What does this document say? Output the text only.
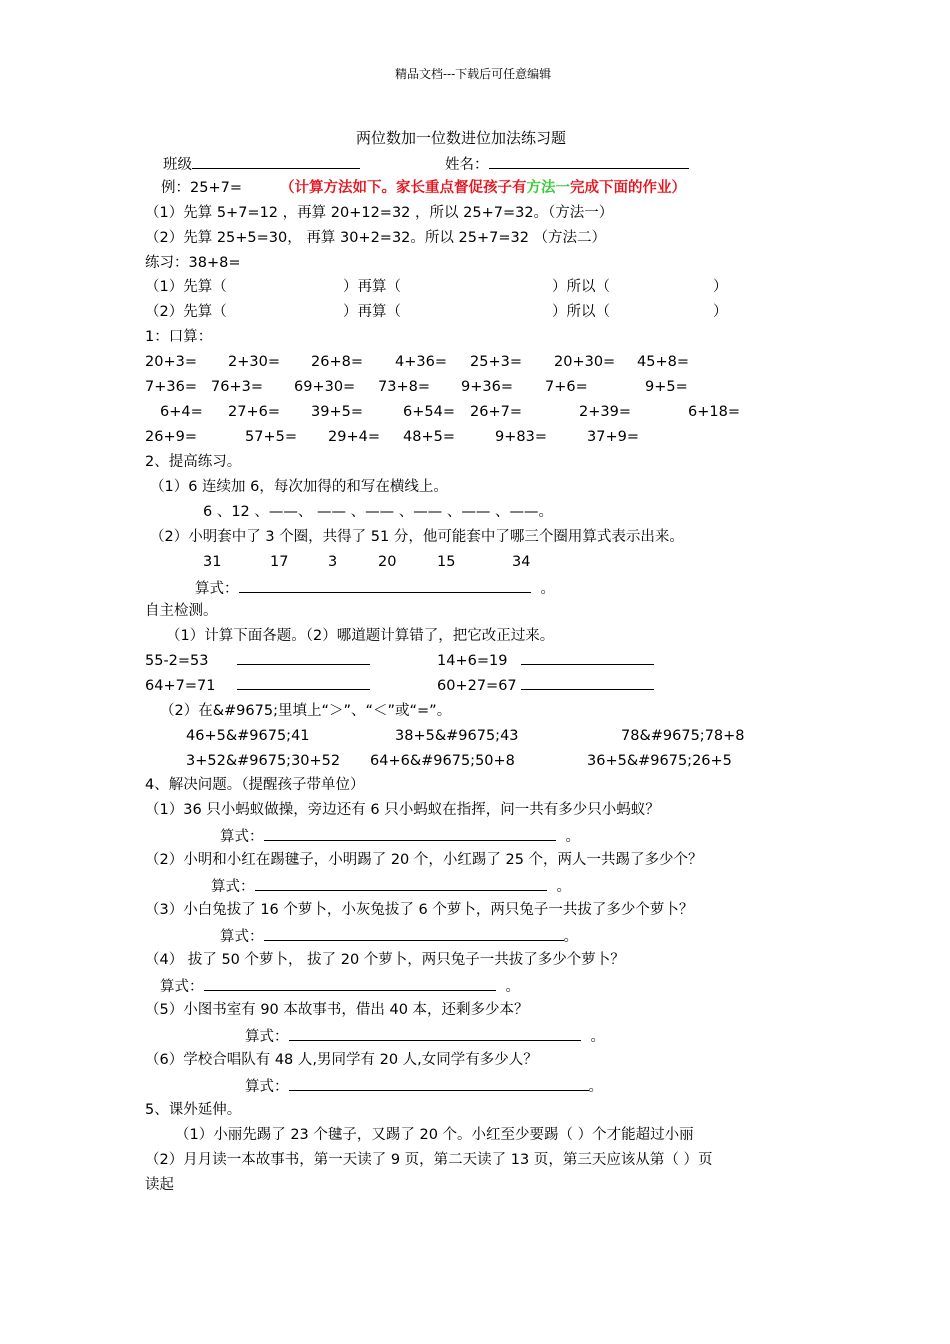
精品文档---下载后可任意编辑
两位数加一位数进位加法练习题
班级	姓名：
例：25+7=	（计算方法如下。家长重点督促孩子有方法一完成下面的作业）
（1）先算 5+7=12 ，再算 20+12=32 ，所以 25+7=32。（方法一）
（2）先算 25+5=30， 再算 30+2=32。所以 25+7=32 （方法二）
练习：38+8=
（1）先算（	）再算（	）所以（	）
（2）先算（	）再算（	）所以（	）
1：口算：
20+3= 2+30= 26+8= 4+36= 25+3= 20+30= 45+8=
7+36= 76+3= 69+30= 73+8= 9+36= 7+6=	9+5=
6+4= 27+6= 39+5=	6+54= 26+7=	2+39=	6+18=
26+9=	57+5= 29+4= 48+5=	9+83=	37+9=
2、提高练习。
（1）6 连续加 6，每次加得的和写在横线上。
6 、12 、——、 —— 、—— 、—— 、—— 、——。
（2）小明套中了 3 个圈，共得了 51 分，他可能套中了哪三个圈用算式表示出来。
31	17	3	20	15	34
算式：	。
自主检测。
（1）计算下面各题。（2）哪道题计算错了，把它改正过来。
55-2=53	14+6=19
64+7=71	60+27=67
（2）在&#9675;里填上“＞”、“＜”或“=”。
46+5&#9675;41	38+5&#9675;43	78&#9675;78+8
3+52&#9675;30+52 64+6&#9675;50+8	36+5&#9675;26+5
4、解决问题。（提醒孩子带单位）
（1）36 只小蚂蚁做操，旁边还有 6 只小蚂蚁在指挥，问一共有多少只小蚂蚁？
算式：	。
（2）小明和小红在踢毽子，小明踢了 20 个，小红踢了 25 个，两人一共踢了多少个？
算式：	。
（3）小白兔拔了 16 个萝卜，小灰兔拔了 6 个萝卜，两只兔子一共拔了多少个萝卜？
算式：	。
（4） 拔了 50 个萝卜， 拔了 20 个萝卜，两只兔子一共拔了多少个萝卜？
算式：	。
（5）小图书室有 90 本故事书，借出 40 本，还剩多少本？
算式：	。
（6）学校合唱队有 48 人,男同学有 20 人,女同学有多少人？
算式：	。
5、课外延伸。
（1）小丽先踢了 23 个毽子，又踢了 20 个。小红至少要踢（ ）个才能超过小丽
（2）月月读一本故事书，第一天读了 9 页，第二天读了 13 页，第三天应该从第（ ）页
读起
